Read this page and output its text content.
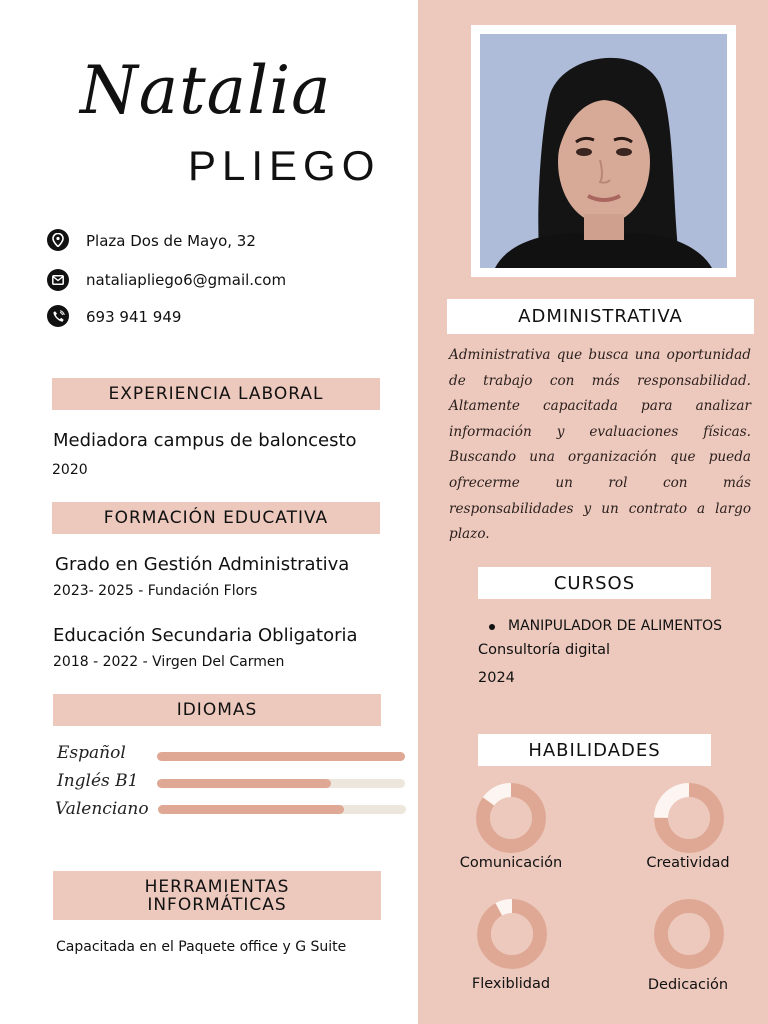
Natalia
PLIEGO
Plaza Dos de Mayo, 32
nataliapliego6@gmail.com
693 941 949
EXPERIENCIA LABORAL
Mediadora campus de baloncesto
2020
FORMACIÓN EDUCATIVA
Grado en Gestión Administrativa
2023- 2025 - Fundación Flors
Educación Secundaria Obligatoria
2018 - 2022 - Virgen Del Carmen
IDIOMAS
Español
Inglés B1
Valenciano
HERRAMIENTAS INFORMÁTICAS
Capacitada en el Paquete office y G Suite
ADMINISTRATIVA
Administrativa que busca una oportunidad de trabajo con más responsabilidad. Altamente capacitada para analizar información y evaluaciones físicas. Buscando una organización que pueda ofrecerme un rol con más responsabilidades y un contrato a largo plazo.
CURSOS
MANIPULADOR DE ALIMENTOS
Consultoría digital
2024
HABILIDADES
Comunicación	Creatividad
Flexiblidad	Dedicación
